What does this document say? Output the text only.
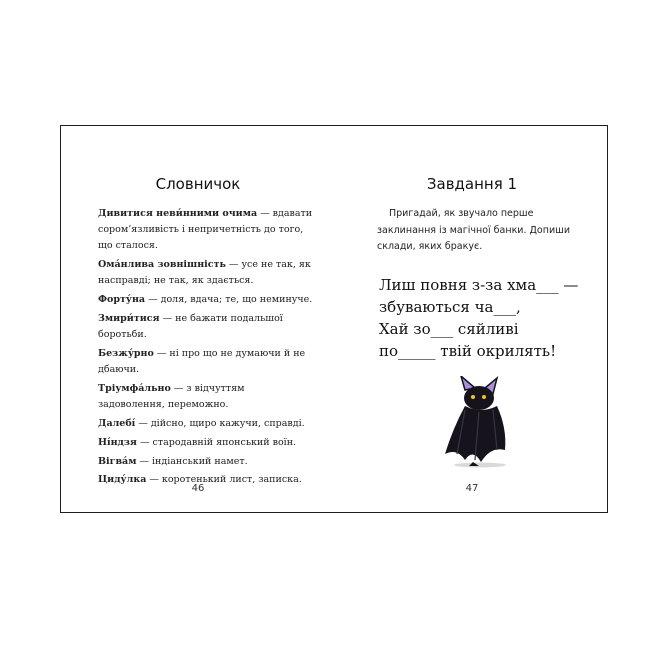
Словничок
Дивитися неви́нними очима — вдавати сором’язливість і непричетність до того, що сталося.
Ома́нлива зовнішність — усе не так, як насправді; не так, як здається.
Форту́на — доля, вдача; те, що неминуче.
Змири́тися — не бажати подальшої боротьби.
Безжу́рно — ні про що не думаючи й не дбаючи.
Тріумфа́льно — з відчуттям задоволення, переможно.
Далебі́ — дійсно, щиро кажучи, справді.
Ні́ндзя — стародавній японський воїн.
Вігва́м — індіанський намет.
Циду́лка — коротенький лист, записка.
46
Завдання 1

Пригадай, як звучало перше заклинання із магічної банки. Допиши склади, яких бракує.

Лиш повня з-за хма___ —
збуваються ча___,
Хай зо___ сяйливі
по_____ твій окрилять!
47
